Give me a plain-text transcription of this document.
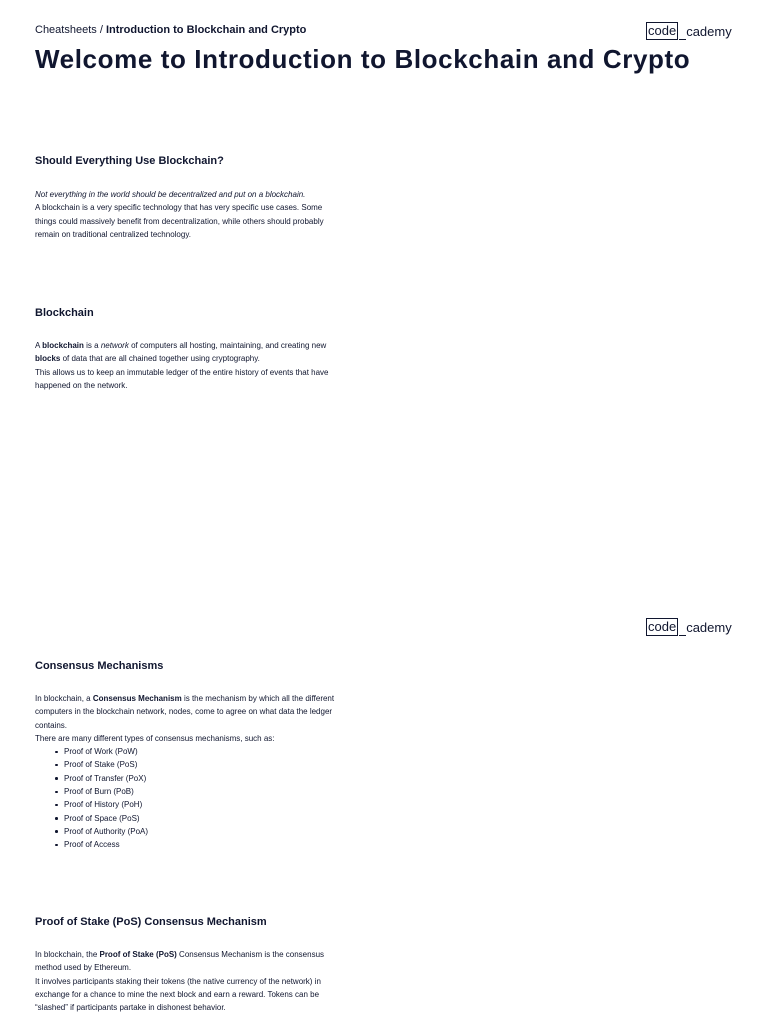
Cheatsheets / Introduction to Blockchain and Crypto	code cademy
Welcome to Introduction to Blockchain and Crypto
Should Everything Use Blockchain?

Not everything in the world should be decentralized and put on a blockchain.

A blockchain is a very specific technology that has very specific use cases. Some things could massively benefit from decentralization, while others should probably remain on traditional centralized technology.

Blockchain

A blockchain is a network of computers all hosting, maintaining, and creating new blocks of data that are all chained together using cryptography.

This allows us to keep an immutable ledger of the entire history of events that have happened on the network.

code cademy
Consensus Mechanisms

In blockchain, a Consensus Mechanism is the mechanism by which all the different computers in the blockchain network, nodes, come to agree on what data the ledger contains.

There are many different types of consensus mechanisms, such as:

Proof of Work (PoW)
Proof of Stake (PoS)
Proof of Transfer (PoX)
Proof of Burn (PoB)
Proof of History (PoH)
Proof of Space (PoS)
Proof of Authority (PoA)
Proof of Access
Proof of Stake (PoS) Consensus Mechanism

In blockchain, the Proof of Stake (PoS) Consensus Mechanism is the consensus method used by Ethereum.

It involves participants staking their tokens (the native currency of the network) in exchange for a chance to mine the next block and earn a reward. Tokens can be “slashed” if participants partake in dishonest behavior.
